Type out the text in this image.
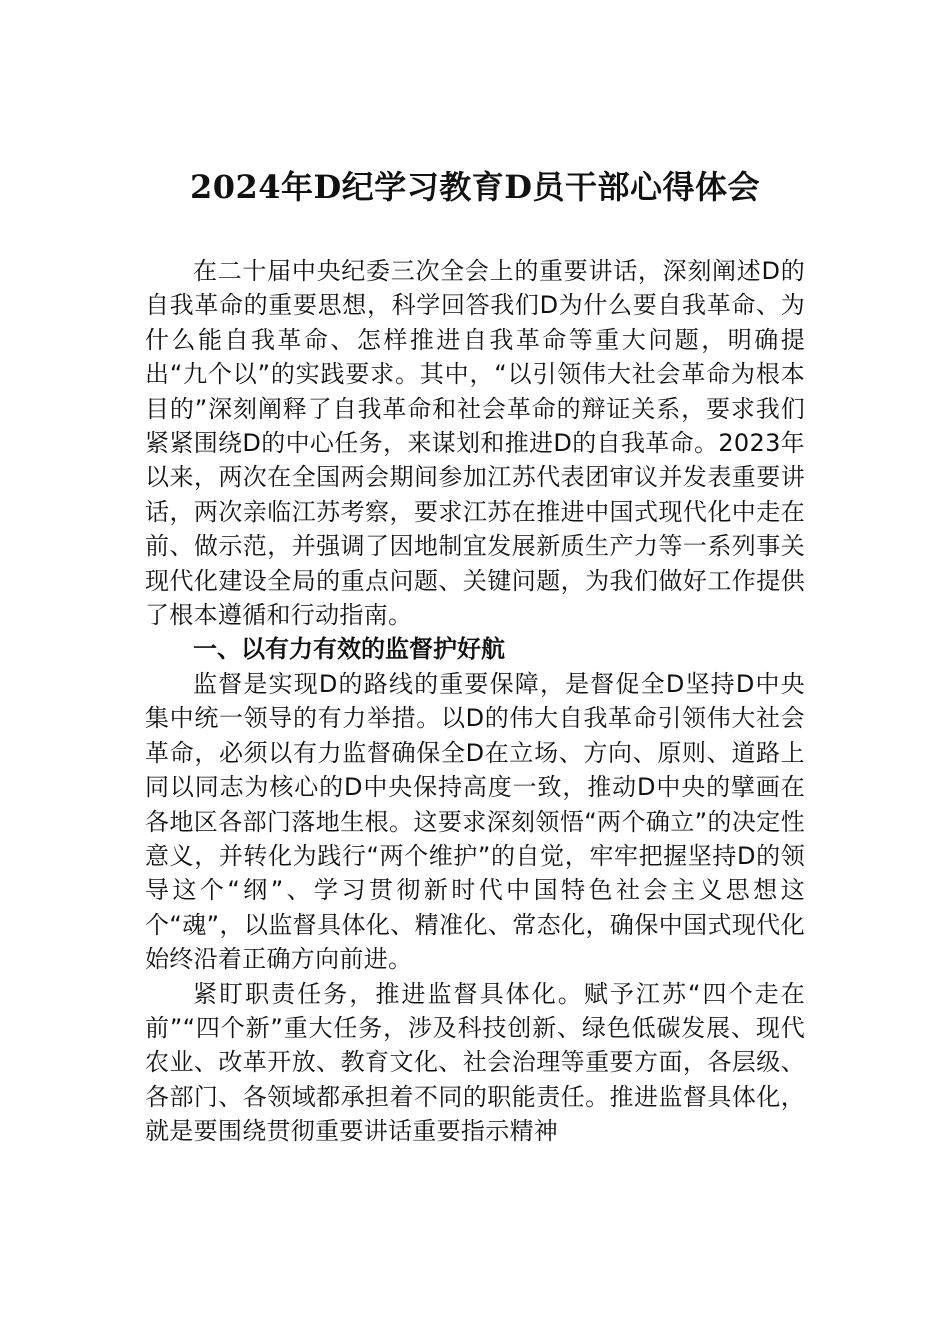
2024年D纪学习教育D员干部心得体会

在二十届中央纪委三次全会上的重要讲话，深刻阐述D的自我革命的重要思想，科学回答我们D为什么要自我革命、为什么能自我革命、怎样推进自我革命等重大问题，明确提出“九个以”的实践要求。其中，“以引领伟大社会革命为根本目的”深刻阐释了自我革命和社会革命的辩证关系，要求我们紧紧围绕D的中心任务，来谋划和推进D的自我革命。2023年以来，两次在全国两会期间参加江苏代表团审议并发表重要讲话，两次亲临江苏考察，要求江苏在推进中国式现代化中走在前、做示范，并强调了因地制宜发展新质生产力等一系列事关现代化建设全局的重点问题、关键问题，为我们做好工作提供了根本遵循和行动指南。

一、以有力有效的监督护好航

监督是实现D的路线的重要保障，是督促全D坚持D中央集中统一领导的有力举措。以D的伟大自我革命引领伟大社会革命，必须以有力监督确保全D在立场、方向、原则、道路上同以同志为核心的D中央保持高度一致，推动D中央的擘画在各地区各部门落地生根。这要求深刻领悟“两个确立”的决定性意义，并转化为践行“两个维护”的自觉，牢牢把握坚持D的领导这个“纲”、学习贯彻新时代中国特色社会主义思想这个“魂”，以监督具体化、精准化、常态化，确保中国式现代化始终沿着正确方向前进。

紧盯职责任务，推进监督具体化。赋予江苏“四个走在前”“四个新”重大任务，涉及科技创新、绿色低碳发展、现代农业、改革开放、教育文化、社会治理等重要方面，各层级、各部门、各领域都承担着不同的职能责任。推进监督具体化，就是要围绕贯彻重要讲话重要指示精神
